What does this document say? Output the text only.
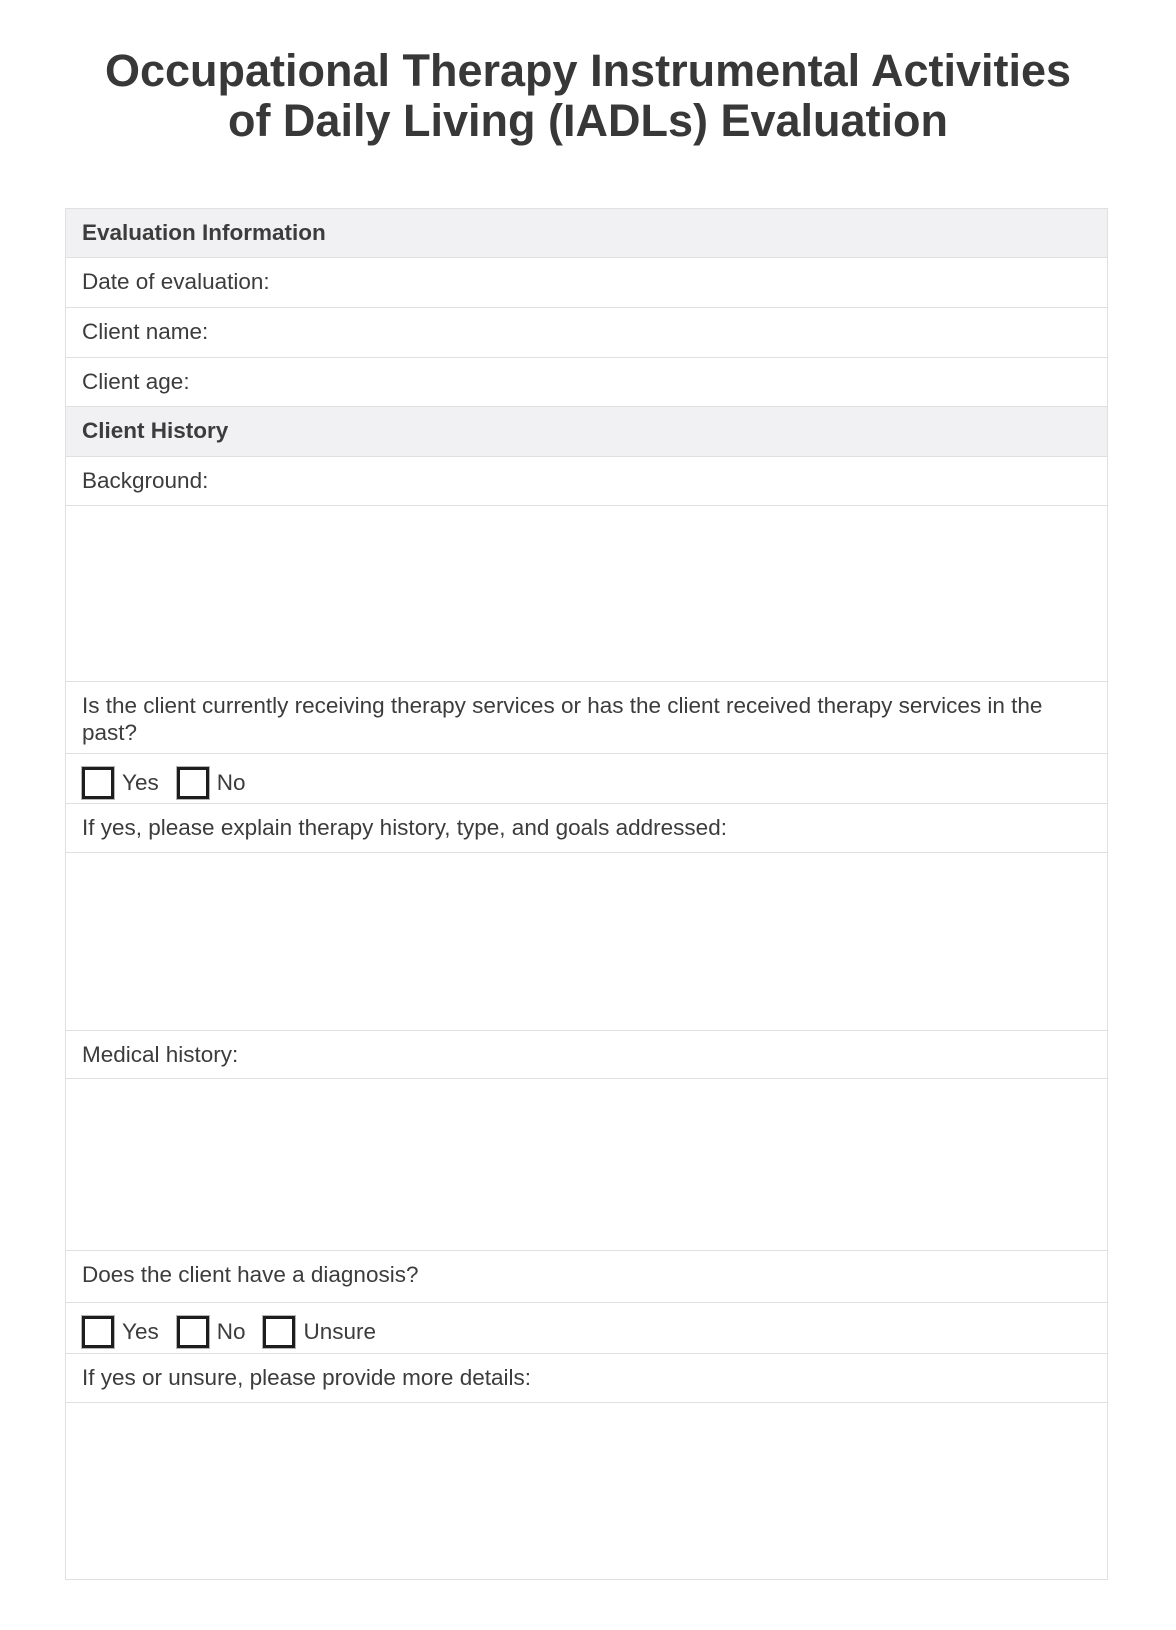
Occupational Therapy Instrumental Activities of Daily Living (IADLs) Evaluation
Evaluation Information
Date of evaluation:
Client name:
Client age:
Client History
Background:
Is the client currently receiving therapy services or has the client received therapy services in the past?
Yes	No
If yes, please explain therapy history, type, and goals addressed:
Medical history:
Does the client have a diagnosis?
Yes	No	Unsure
If yes or unsure, please provide more details:
